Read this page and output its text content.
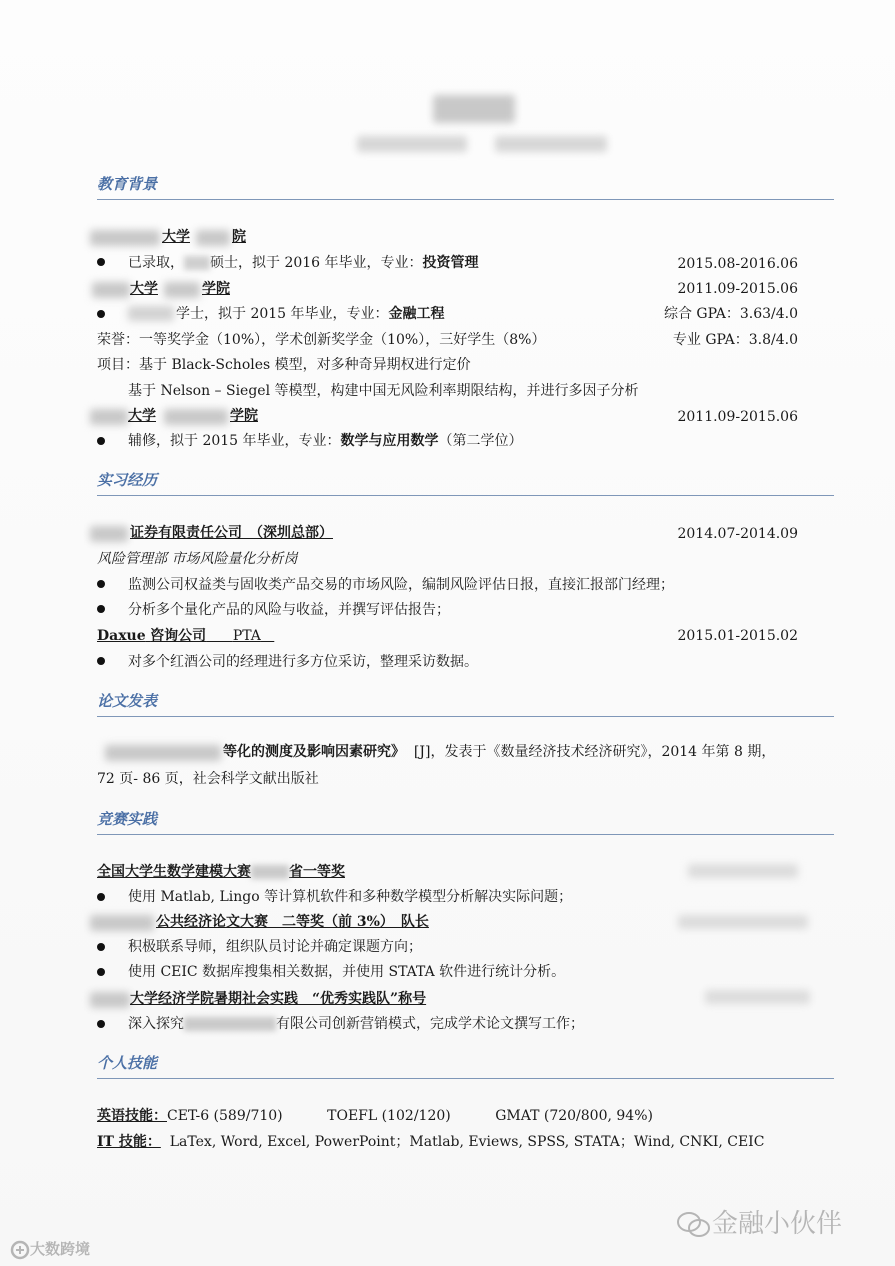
教育背景
大学	院
已录取， 硕士，拟于 2016 年毕业，专业：投资管理	2015.08-2016.06
大学	学院	2011.09-2015.06
学士，拟于 2015 年毕业，专业：金融工程	综合 GPA：3.63/4.0
荣誉：一等奖学金（10%），学术创新奖学金（10%），三好学生（8%）	专业 GPA：3.8/4.0
项目：基于 Black-Scholes 模型，对多种奇异期权进行定价
基于 Nelson – Siegel 等模型，构建中国无风险利率期限结构，并进行多因子分析
大学	学院	2011.09-2015.06
辅修，拟于 2015 年毕业，专业：数学与应用数学（第二学位）
实习经历
证券有限责任公司　（深圳总部）	2014.07-2014.09
风险管理部 市场风险量化分析岗
监测公司权益类与固收类产品交易的市场风险，编制风险评估日报，直接汇报部门经理；
分析多个量化产品的风险与收益，并撰写评估报告；
Daxue 咨询公司 PTA	2015.01-2015.02
对多个红酒公司的经理进行多方位采访，整理采访数据。
论文发表
等化的测度及影响因素研究》 [J]，发表于《数量经济技术经济研究》，2014 年第 8 期，
72 页- 86 页，社会科学文献出版社
竞赛实践
全国大学生数学建模大赛	省一等奖
使用 Matlab, Lingo 等计算机软件和多种数学模型分析解决实际问题；
公共经济论文大赛　二等奖（前 3%）　队长
积极联系导师，组织队员讨论并确定课题方向；
使用 CEIC 数据库搜集相关数据，并使用 STATA 软件进行统计分析。
大学经济学院暑期社会实践　“优秀实践队”称号
深入探究	有限公司创新营销模式，完成学术论文撰写工作；
个人技能
英语技能：CET-6 (589/710)          TOEFL (102/120)          GMAT (720/800, 94%)
IT 技能： LaTex, Word, Excel, PowerPoint；Matlab, Eviews, SPSS, STATA；Wind, CNKI, CEIC
金融小伙伴
大数跨境
